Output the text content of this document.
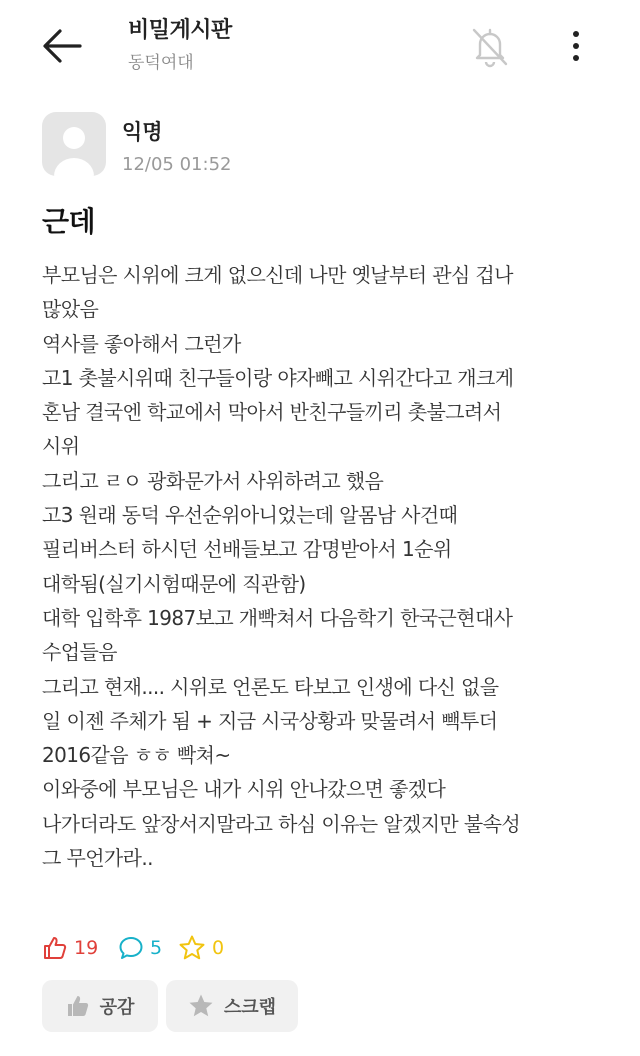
비밀게시판
동덕여대
익명
12/05 01:52
근데
부모님은 시위에 크게 없으신데 나만 옛날부터 관심 겁나
많았음
역사를 좋아해서 그런가
고1 촛불시위때 친구들이랑 야자빼고 시위간다고 개크게
혼남 결국엔 학교에서 막아서 반친구들끼리 촛불그려서
시위
그리고 ㄹㅇ 광화문가서 사위하려고 했음
고3 원래 동덕 우선순위아니었는데 알몸남 사건때
필리버스터 하시던 선배들보고 감명받아서 1순위
대학됨(실기시험때문에 직관함)
대학 입학후 1987보고 개빡쳐서 다음학기 한국근현대사
수업들음
그리고 현재.... 시위로 언론도 타보고 인생에 다신 없을
일 이젠 주체가 됨 + 지금 시국상황과 맞물려서 빽투더
2016같음 ㅎㅎ 빡쳐~
이와중에 부모님은 내가 시위 안나갔으면 좋겠다
나가더라도 앞장서지말라고 하심 이유는 알겠지만 불속성
그 무언가라..
19	5	0
공감	스크랩
